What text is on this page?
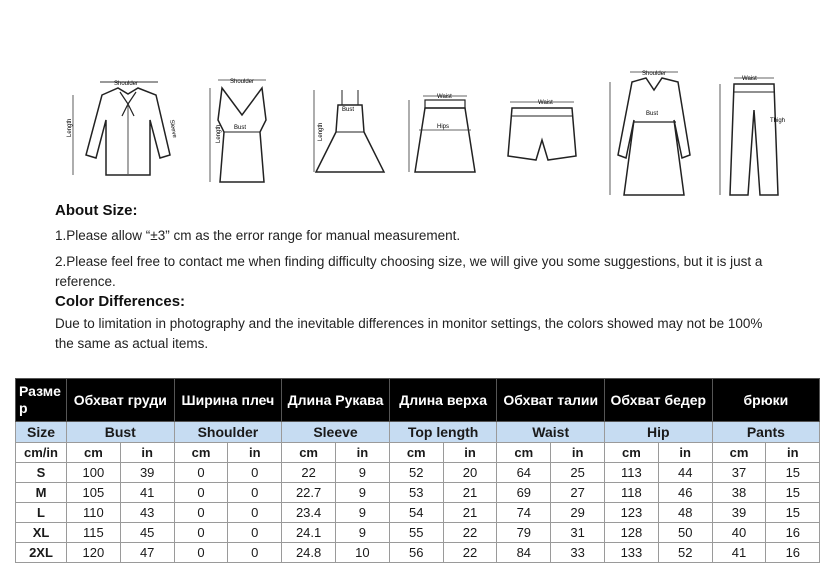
Shoulder
Length	Sleeve
Shoulder
Bust
Length
Bust
Length
Waist
Hips
Waist
Shoulder
Bust
Waist
Thigh
About Size:
1.Please allow “±3” cm as the error range for manual measurement.
2.Please feel free to contact me when finding difficulty choosing size, we will give you some suggestions, but it is just a reference.
Color Differences:
Due to limitation in photography and the inevitable differences in monitor settings, the colors showed may not be 100% the same as actual items.
Разме р	Обхват груди		Ширина плеч		Длина Рукава		Длина верха		Обхват талии		Обхват бедер		брюки	
Size	Bust		Shoulder		Sleeve		Top length		Waist		Hip		Pants	
cm/in	cm	in	cm	in	cm	in	cm	in	cm	in	cm	in	cm	in
S	100	39	0	0	22	9	52	20	64	25	113	44	37	15
M	105	41	0	0	22.7	9	53	21	69	27	118	46	38	15
L	110	43	0	0	23.4	9	54	21	74	29	123	48	39	15
XL	115	45	0	0	24.1	9	55	22	79	31	128	50	40	16
2XL	120	47	0	0	24.8	10	56	22	84	33	133	52	41	16
